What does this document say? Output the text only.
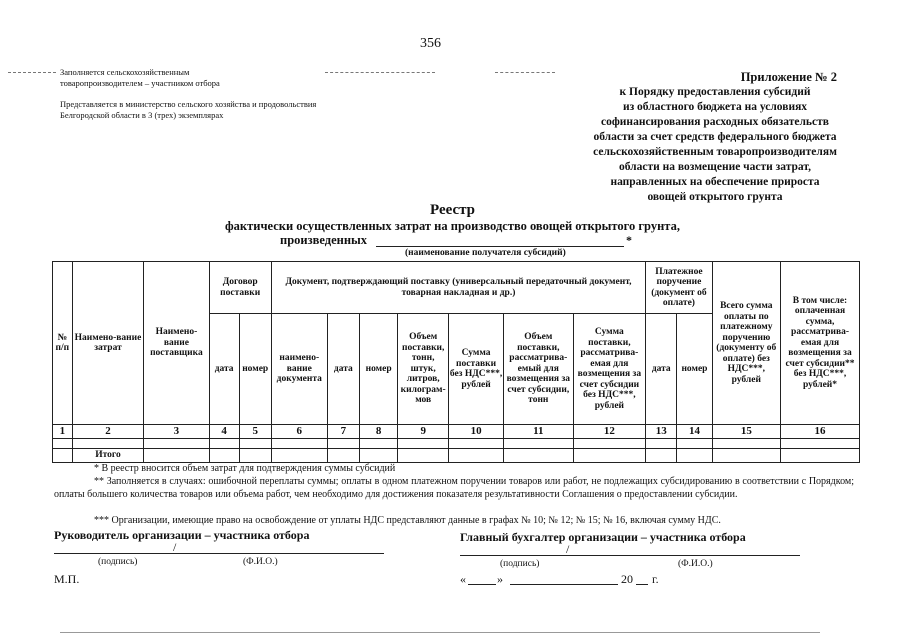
356
Заполняется сельскохозяйственным
товаропроизводителем – участником отбора
Представляется в министерство сельского хозяйства и продовольствия
Белгородской области в 3 (трех) экземплярах
Приложение № 2
к Порядку предоставления субсидий
из областного бюджета на условиях
софинансирования расходных обязательств
области за счет средств федерального бюджета
сельскохозяйственным товаропроизводителям
области на возмещение части затрат,
направленных на обеспечение прироста
овощей открытого грунта
Реестр
фактически осуществленных затрат на производство овощей открытого грунта,
произведенных	*
(наименование получателя субсидий)
№ п/п	Наимено-вание затрат	Наимено-вание поставщика	Договор поставки		Документ, подтверждающий поставку (универсальный передаточный документ, товарная накладная и др.)							Платежное поручение (документ об оплате)		Всего сумма оплаты по платежному поручению (документу об оплате) без НДС***, рублей	В том числе: оплаченная сумма, рассматрива-емая для возмещения за счет субсидии** без НДС***, рублей*
			дата	номер	наимено-вание документа	дата	номер	Объем поставки, тонн, штук, литров, килограм-мов	Сумма поставки без НДС***, рублей	Объем поставки, рассматрива-емый для возмещения за счет субсидии, тонн	Сумма поставки, рассматрива-емая для возмещения за счет субсидии без НДС***, рублей	дата	номер		
1	2	3	4	5	6	7	8	9	10	11	12	13	14	15	16

	Итого														
* В реестр вносится объем затрат для подтверждения суммы субсидий
** Заполняется в случаях: ошибочной переплаты суммы; оплаты в одном платежном поручении товаров или работ, не подлежащих субсидированию в соответствии с Порядком; оплаты большего количества товаров или объема работ, чем необходимо для достижения показателя результативности Соглашения о предоставлении субсидии.
*** Организации, имеющие право на освобождение от уплаты НДС представляют данные в графах № 10; № 12; № 15; № 16, включая сумму НДС.
Руководитель организации – участника отбора
/
(подпись)	(Ф.И.О.)
М.П.
Главный бухгалтер организации – участника отбора
/
(подпись)	(Ф.И.О.)
«	»	20 г.
